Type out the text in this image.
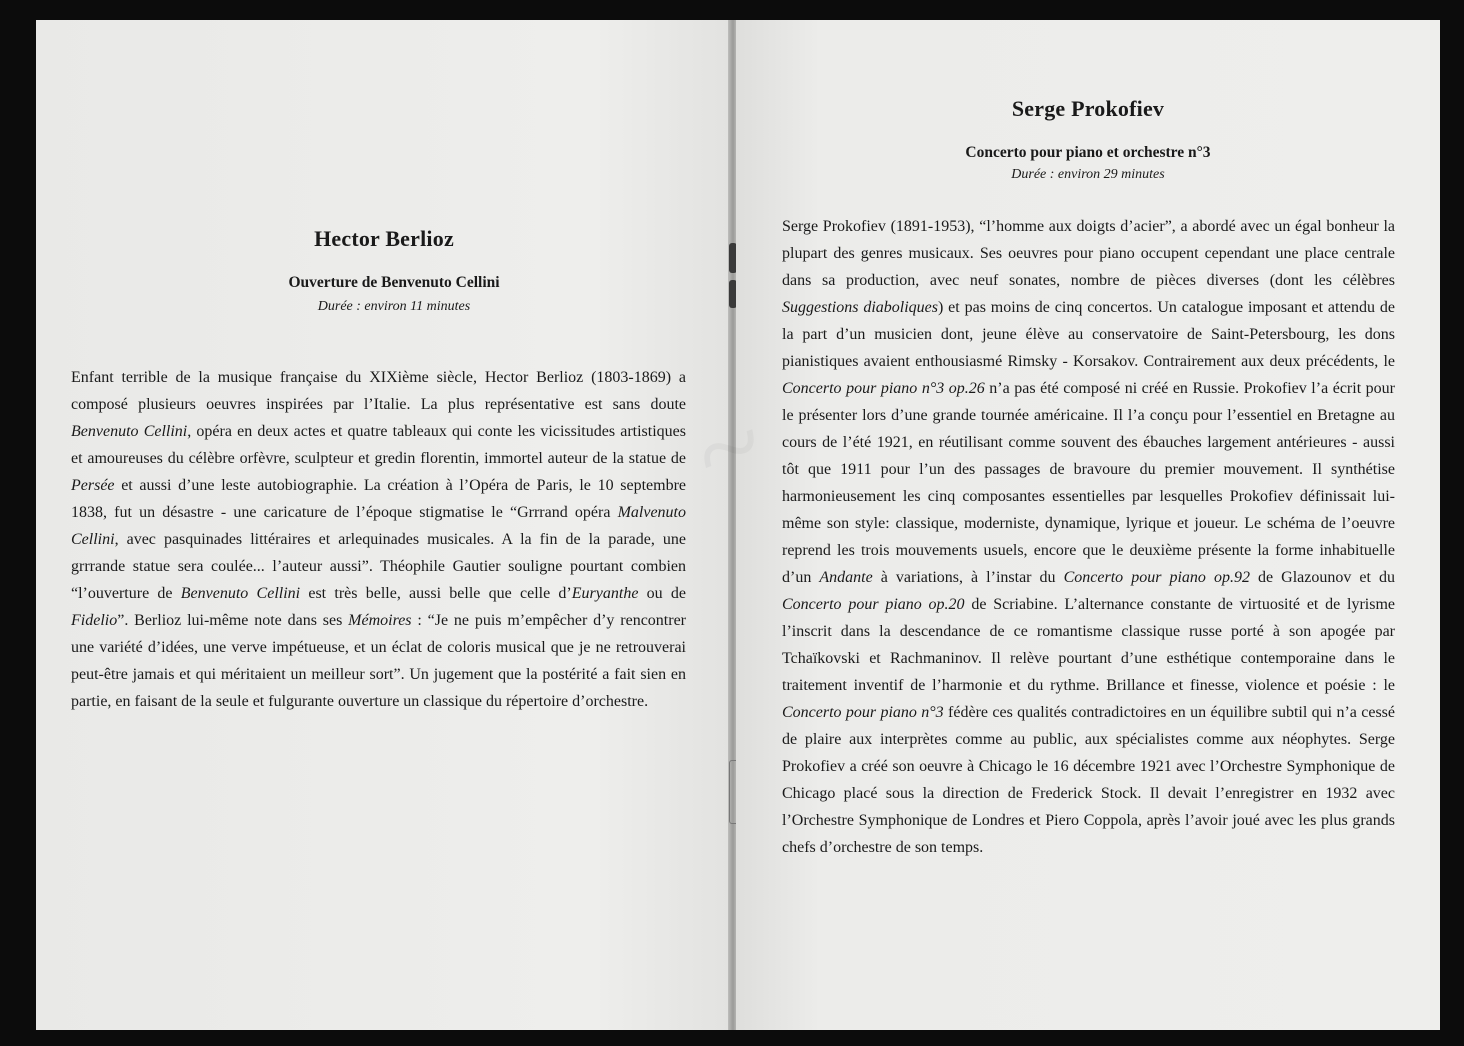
Hector Berlioz
Ouverture de Benvenuto Cellini

Durée : environ 11 minutes

Enfant terrible de la musique française du XIXième siècle, Hector Berlioz (1803-1869) a composé plusieurs oeuvres inspirées par l’Italie. La plus représentative est sans doute Benvenuto Cellini, opéra en deux actes et quatre tableaux qui conte les vicissitudes artistiques et amoureuses du célèbre orfèvre, sculpteur et gredin florentin, immortel auteur de la statue de Persée et aussi d’une leste autobiographie. La création à l’Opéra de Paris, le 10 septembre 1838, fut un désastre - une caricature de l’époque stigmatise le “Grrrand opéra Malvenuto Cellini, avec pasquinades littéraires et arlequinades musicales. A la fin de la parade, une grrrande statue sera coulée... l’auteur aussi”. Théophile Gautier souligne pourtant combien “l’ouverture de Benvenuto Cellini est très belle, aussi belle que celle d’Euryanthe ou de Fidelio”. Berlioz lui-même note dans ses Mémoires : “Je ne puis m’empêcher d’y rencontrer une variété d’idées, une verve impétueuse, et un éclat de coloris musical que je ne retrouverai peut-être jamais et qui méritaient un meilleur sort”. Un jugement que la postérité a fait sien en partie, en faisant de la seule et fulgurante ouverture un classique du répertoire d’orchestre.

Serge Prokofiev
Concerto pour piano et orchestre n°3

Durée : environ 29 minutes

Serge Prokofiev (1891-1953), “l’homme aux doigts d’acier”, a abordé avec un égal bonheur la plupart des genres musicaux. Ses oeuvres pour piano occupent cependant une place centrale dans sa production, avec neuf sonates, nombre de pièces diverses (dont les célèbres Suggestions diaboliques) et pas moins de cinq concertos. Un catalogue imposant et attendu de la part d’un musicien dont, jeune élève au conservatoire de Saint-Petersbourg, les dons pianistiques avaient enthousiasmé Rimsky - Korsakov. Contrairement aux deux précédents, le Concerto pour piano n°3 op.26 n’a pas été composé ni créé en Russie. Prokofiev l’a écrit pour le présenter lors d’une grande tournée américaine. Il l’a conçu pour l’essentiel en Bretagne au cours de l’été 1921, en réutilisant comme souvent des ébauches largement antérieures - aussi tôt que 1911 pour l’un des passages de bravoure du premier mouvement. Il synthétise harmonieusement les cinq composantes essentielles par lesquelles Prokofiev définissait lui-même son style: classique, moderniste, dynamique, lyrique et joueur. Le schéma de l’oeuvre reprend les trois mouvements usuels, encore que le deuxième présente la forme inhabituelle d’un Andante à variations, à l’instar du Concerto pour piano op.92 de Glazounov et du Concerto pour piano op.20 de Scriabine. L’alternance constante de virtuosité et de lyrisme l’inscrit dans la descendance de ce romantisme classique russe porté à son apogée par Tchaïkovski et Rachmaninov. Il relève pourtant d’une esthétique contemporaine dans le traitement inventif de l’harmonie et du rythme. Brillance et finesse, violence et poésie : le Concerto pour piano n°3 fédère ces qualités contradictoires en un équilibre subtil qui n’a cessé de plaire aux interprètes comme au public, aux spécialistes comme aux néophytes. Serge Prokofiev a créé son oeuvre à Chicago le 16 décembre 1921 avec l’Orchestre Symphonique de Chicago placé sous la direction de Frederick Stock. Il devait l’enregistrer en 1932 avec l’Orchestre Symphonique de Londres et Piero Coppola, après l’avoir joué avec les plus grands chefs d’orchestre de son temps.
